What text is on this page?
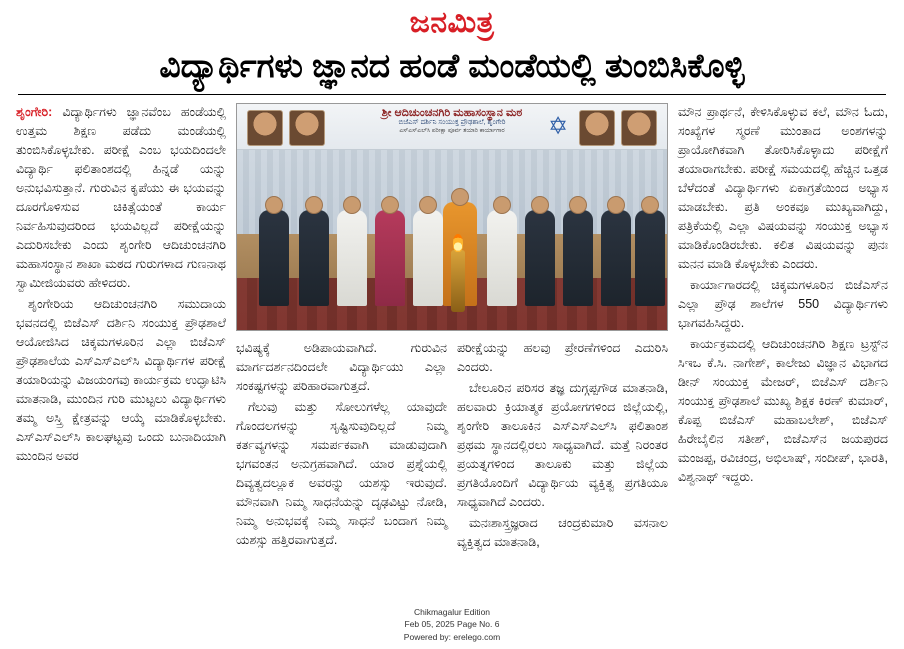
ಜನಮಿತ್ರ
ವಿದ್ಯಾರ್ಥಿಗಳು ಜ್ಞಾನದ ಹಂಡೆ ಮಂಡೆಯಲ್ಲಿ ತುಂಬಿಸಿಕೊಳ್ಳಿ

ಶೃಂಗೇರಿ: ವಿದ್ಯಾರ್ಥಿಗಳು ಜ್ಞಾನವೆಂಬ ಹಂಡೆಯಲ್ಲಿ ಉತ್ತಮ ಶಿಕ್ಷಣ ಪಡೆದು ಮಂಡೆಯಲ್ಲಿ ತುಂಬಿಸಿಕೊಳ್ಳಬೇಕು. ಪರೀಕ್ಷೆ ಎಂಬ ಭಯದಿಂದಲೇ ವಿದ್ಯಾರ್ಥಿ ಫಲಿತಾಂಶದಲ್ಲಿ ಹಿನ್ನಡೆ ಯನ್ನು ಅನುಭವಿಸುತ್ತಾನೆ. ಗುರುವಿನ ಕೃಪೆಯು ಈ ಭಯವನ್ನು ದೂರಗೊಳಿಸುವ ಚಿಕಿತ್ಸೆಯಂತೆ ಕಾರ್ಯ ನಿರ್ವಹಿಸುವುದರಿಂದ ಭಯವಿಲ್ಲದೆ ಪರೀಕ್ಷೆಯನ್ನು ಎದುರಿಸಬೇಕು ಎಂದು ಶೃಂಗೇರಿ ಆದಿಚುಂಚನಗಿರಿ ಮಹಾಸಂಸ್ಥಾನ ಶಾಖಾ ಮಠದ ಗುರುಗಳಾದ ಗುಣನಾಥ ಸ್ವಾಮೀಜಿಯವರು ಹೇಳಿದರು.

ಶೃಂಗೇರಿಯ ಆದಿಚುಂಚನಗಿರಿ ಸಮುದಾಯ ಭವನದಲ್ಲಿ ಬಿಜೆಎಸ್ ದರ್ಶಿನಿ ಸಂಯುಕ್ತ ಪ್ರೌಢಶಾಲೆ ಆಯೋಜಿಸಿದ ಚಿಕ್ಕಮಗಳೂರಿನ ಎಲ್ಲಾ ಬಿಜೆಎಸ್ ಪ್ರೌಢಶಾಲೆಯ ಎಸ್‌ಎಸ್‌ಎಲ್‌ಸಿ ವಿದ್ಯಾರ್ಥಿಗಳ ಪರೀಕ್ಷೆ ತಯಾರಿಯನ್ನು ವಿಜಯಂಗವು ಕಾರ್ಯಕ್ರಮ ಉದ್ಘಾಟಿಸಿ ಮಾತನಾಡಿ, ಮುಂದಿನ ಗುರಿ ಮುಟ್ಟಲು ವಿದ್ಯಾರ್ಥಿಗಳು ತಮ್ಮ ಅಸ್ತ್ರಿ ಕ್ಷೇತ್ರವನ್ನು ಆಯ್ಕೆ ಮಾಡಿಕೊಳ್ಳಬೇಕು. ಎಸ್‌ಎಸ್‌ಎಲ್‌ಸಿ ಕಾಲಘಟ್ಟವು ಒಂದು ಬುನಾದಿಯಾಗಿ ಮುಂದಿನ ಅವರ

ಶ್ರೀ ಆದಿಚುಂಚನಗಿರಿ ಮಹಾಸಂಸ್ಥಾನ ಮಠ
ಬಿಜೆಎಸ್ ದರ್ಶಿನಿ ಸಂಯುಕ್ತ ಪ್ರೌಢಶಾಲೆ, ಶೃಂಗೇರಿ
ಎಸ್‌ಎಸ್‌ಎಲ್‌ಸಿ ಪರೀಕ್ಷಾ ಪೂರ್ವ ತಯಾರಿ ಕಾರ್ಯಾಗಾರ	✡

ಭವಿಷ್ಯಕ್ಕೆ ಅಡಿಪಾಯವಾಗಿದೆ. ಗುರುವಿನ ಮಾರ್ಗದರ್ಶನದಿಂದಲೇ ವಿದ್ಯಾರ್ಥಿಯು ಎಲ್ಲಾ ಸಂಕಷ್ಟಗಳನ್ನು ಪರಿಹಾರವಾಗುತ್ತದೆ.

ಗೆಲುವು ಮತ್ತು ಸೋಲುಗಳೆಲ್ಲ ಯಾವುದೇ ಗೊಂದಲಗಳನ್ನು ಸೃಷ್ಟಿಸುವುದಿಲ್ಲದೆ ನಿಮ್ಮ ಕರ್ತವ್ಯಗಳನ್ನು ಸಮರ್ಪಕವಾಗಿ ಮಾಡುವುದಾಗಿ ಭಗವಂತನ ಅನುಗ್ರಹವಾಗಿದೆ. ಯಾರ ಪ್ರಶ್ನೆಯಲ್ಲಿ ದಿವ್ಯತ್ವದಲ್ಲೂಕ ಅವರನ್ನು ಯಶಸ್ಸು ಇರುವುದೆ. ಮೌನವಾಗಿ ನಿಮ್ಮ ಸಾಧನೆಯನ್ನು ದೃಢವಿಟ್ಟು ನೋಡಿ, ನಿಮ್ಮ ಅನುಭವಕ್ಕೆ ನಿಮ್ಮ ಸಾಧನೆ ಬಂದಾಗ ನಿಮ್ಮ ಯಶಸ್ಸು ಹತ್ತಿರವಾಗುತ್ತದೆ.

ಪರೀಕ್ಷೆಯನ್ನು ಹಲವು ಪ್ರೇರಣೆಗಳಿಂದ ಎದುರಿಸಿ ಎಂದರು.

ಬೇಲೂರಿನ ಪರಿಸರ ತಜ್ಞ ದುಗ್ಗಪ್ಪಗೌಡ ಮಾತನಾಡಿ, ಹಲವಾರು ಕ್ರಿಯಾತ್ಮಕ ಪ್ರಯೋಗಗಳಿಂದ ಜಿಲ್ಲೆಯಲ್ಲಿ, ಶೃಂಗೇರಿ ತಾಲೂಕಿನ ಎಸ್‌ಎಸ್‌ಎಲ್‌ಸಿ ಫಲಿತಾಂಶ ಪ್ರಥಮ ಸ್ಥಾನದಲ್ಲಿರಲು ಸಾಧ್ಯವಾಗಿದೆ. ಮತ್ತೆ ನಿರಂತರ ಪ್ರಯತ್ನಗಳಿಂದ ತಾಲೂಕು ಮತ್ತು ಜಿಲ್ಲೆಯ ಪ್ರಗತಿಯೊಂದಿಗೆ ವಿದ್ಯಾರ್ಥಿಯ ವ್ಯಕ್ತಿತ್ವ ಪ್ರಗತಿಯೂ ಸಾಧ್ಯವಾಗಿದೆ ಎಂದರು.

ಮನಃಶಾಸ್ತ್ರಜ್ಞರಾದ ಚಂದ್ರಕುಮಾರಿ ವಸನಾಲ ವ್ಯಕ್ತಿತ್ವದ ಮಾತನಾಡಿ,

ಮೌನ ಪ್ರಾರ್ಥನೆ, ಕೇಳಿಸಿಕೊಳ್ಳುವ ಕಲೆ, ಮೌನ ಓದು, ಸಂಖ್ಯೆಗಳ ಸ್ಮರಣೆ ಮುಂತಾದ ಅಂಶಗಳನ್ನು ಪ್ರಾಯೋಗಿಕವಾಗಿ ತೋರಿಸಿಕೊಳ್ಳಾದು ಪರೀಕ್ಷೆಗೆ ತಯಾರಾಗಬೇಕು. ಪರೀಕ್ಷೆ ಸಮಯದಲ್ಲಿ ಹೆಚ್ಚಿನ ಒತ್ತಡ ಬೆಳೆದಂತೆ ವಿದ್ಯಾರ್ಥಿಗಳು ಏಕಾಗ್ರತೆಯಿಂದ ಅಭ್ಯಾಸ ಮಾಡಬೇಕು. ಪ್ರತಿ ಅಂಕವೂ ಮುಖ್ಯವಾಗಿದ್ದು, ಪತ್ರಿಕೆಯಲ್ಲಿ ಎಲ್ಲಾ ವಿಷಯವನ್ನು ಸಂಯುಕ್ತ ಅಭ್ಯಾಸ ಮಾಡಿಕೊಂಡಿರಬೇಕು. ಕಲಿತ ವಿಷಯವನ್ನು ಪುನಃ ಮನನ ಮಾಡಿ ಕೊಳ್ಳಬೇಕು ಎಂದರು.

ಕಾರ್ಯಾಗಾರದಲ್ಲಿ ಚಿಕ್ಕಮಗಳೂರಿನ ಬಿಜೆಎಸ್‌ನ ಎಲ್ಲಾ ಪ್ರೌಢ ಶಾಲೆಗಳ 550 ವಿದ್ಯಾರ್ಥಿಗಳು ಭಾಗವಹಿಸಿದ್ದರು.

ಕಾರ್ಯಕ್ರಮದಲ್ಲಿ ಆದಿಚುಂಚನಗಿರಿ ಶಿಕ್ಷಣ ಟ್ರಸ್ಟ್‌ನ ಸಿಇಒ ಕೆ.ಸಿ. ನಾಗೇಶ್, ಕಾಲೇಜು ವಿಜ್ಞಾನ ವಿಭಾಗದ ಡೀನ್ ಸಂಯುಕ್ತ ಮೇಜರ್, ಬಿಜೆಎಸ್ ದರ್ಶಿನಿ ಸಂಯುಕ್ತ ಪ್ರೌಢಶಾಲೆ ಮುಖ್ಯ ಶಿಕ್ಷಕ ಕಿರಣ್ ಕುಮಾರ್, ಕೊಪ್ಪ ಬಿಜೆಎಸ್ ಮಹಾಬಲೇಶ್, ಬಿಜೆಎಸ್ ಹಿರೇಬೈಲಿನ ಸತೀಶ್, ಬಿಜೆಎಸ್‌ನ ಜಯಪುರದ ಮಂಜಪ್ಪ, ರವಿಚಂದ್ರ, ಅಭಿಲಾಷ್, ಸಂದೀಪ್, ಭಾರತಿ, ವಿಶ್ವನಾಥ್ ಇದ್ದರು.

Chikmagalur Edition
Feb 05, 2025 Page No. 6
Powered by: erelego.com
